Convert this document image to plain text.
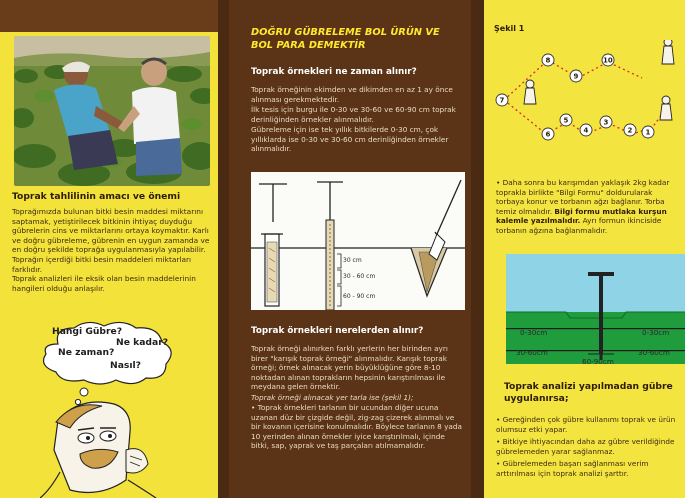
Toprak tahlilinin amacı ve önemi

Toprağımızda bulunan bitki besin maddesi miktarını saptamak, yetiştirilecek bitkinin ihtiyaç duyduğu gübrelerin cins ve miktarlarını ortaya koymaktır. Karlı ve doğru gübreleme, gübrenin en uygun zamanda ve en doğru şekilde toprağa uygulanmasıyla yapılabilir. Toprağın içerdiği bitki besin maddeleri miktarları farklıdır.

Toprak analizleri ile eksik olan besin maddelerinin hangileri olduğu anlaşılır.

Hangi Gübre?
Ne kadar?
Ne zaman?
Nasıl?
DOĞRU GÜBRELEME BOL ÜRÜN VE BOL PARA DEMEKTİR
Toprak örnekleri ne zaman alınır?

Toprak örneğinin ekimden ve dikimden en az 1 ay önce alınması gerekmektedir.

İlk tesis için burgu ile 0-30 ve 30-60 ve 60-90 cm toprak derinliğinden örnekler alınmalıdır.

Gübreleme için ise tek yıllık bitkilerde 0-30 cm, çok yıllıklarda ise 0-30 ve 30-60 cm derinliğinden örnekler alınmalıdır.

30 cm
30 - 60 cm
60 - 90 cm
Toprak örnekleri nerelerden alınır?

Toprak örneği alınırken farklı yerlerin her birinden ayrı birer "karışık toprak örneği" alınmalıdır. Karışık toprak örneği; örnek alınacak yerin büyüklüğüne göre 8-10 noktadan alınan toprakların hepsinin karıştırılması ile meydana gelen örnektir.

Toprak örneği alınacak yer tarla ise (şekil 1);

• Toprak örnekleri tarlanın bir ucundan diğer ucuna uzanan düz bir çizgide değil, zig-zag çizerek alınmalı ve bir kovanın içerisine konulmalıdır. Böylece tarlanın 8 yada 10 yerinden alınan örnekler iyice karıştırılmalı, içinde bitki, sap, yaprak ve taş parçaları atılmamalıdır.

Şekil 1
1
2
3
4
5
6
7
8
9
10
• Daha sonra bu karışımdan yaklaşık 2kg kadar toprakla birlikte "Bilgi Formu" doldurularak torbaya konur ve torbanın ağzı bağlanır. Torba temiz olmalıdır. Bilgi formu mutlaka kurşun kalemle yazılmalıdır. Ayrı formun ikinciside torbanın ağzına bağlanmalıdır.
0-30cm
30-60cm
0-30cm
30-60cm
60-90cm
Toprak analizi yapılmadan gübre uygulanırsa;

• Gereğinden çok gübre kullanımı toprak ve ürün olumsuz etki yapar.

• Bitkiye ihtiyacından daha az gübre verildiğinde gübrelemeden yarar sağlanmaz.

• Gübrelemeden başarı sağlanması verim arttırılması için toprak analizi şarttır.
